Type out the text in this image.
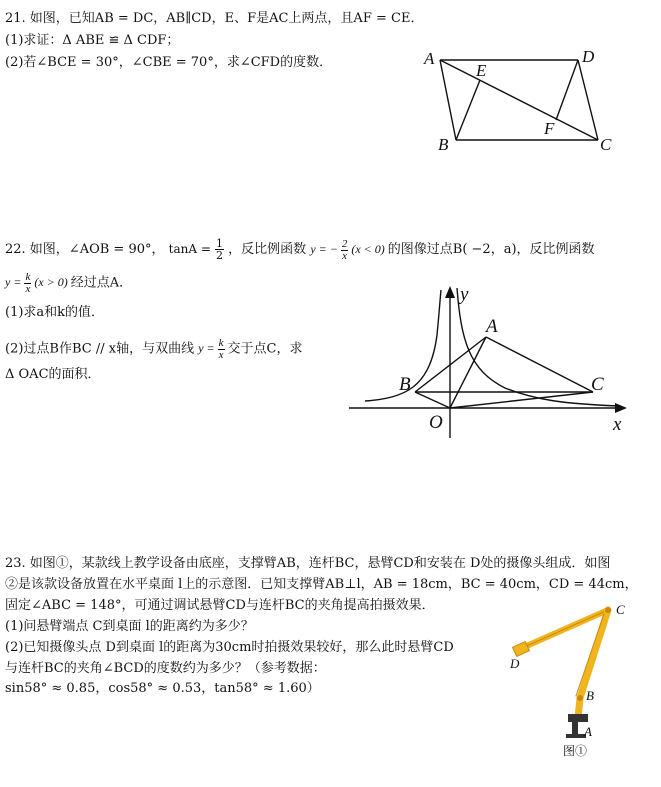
21. 如图，已知AB = DC，AB∥CD，E、F是AC上两点，且AF = CE．
(1)求证：Δ ABE ≌ Δ CDF；
(2)若∠BCE = 30°，∠CBE = 70°，求∠CFD的度数．	A
E
D
B
F
C
22. 如图，∠AOB = 90°， $\tan A = \frac{1}{2}$ ，反比例函数 y = − $\frac{2}{x} (x < 0)$ 的图像过点B( −2，a)，反比例函数
$y = \frac{k}{x} (x > 0)$ 经过点A．
(1)求a和k的值．
(2)过点B作BC // x轴，与双曲线 $y = \frac{k}{x}$ 交于点C，求
Δ OAC的面积．
y
A
B	C
O	x
23. 如图①，某款线上教学设备由底座，支撑臂AB，连杆BC，悬臂CD和安装在 D处的摄像头组成．如图
②是该款设备放置在水平桌面 l上的示意图．已知支撑臂AB⊥l，AB = 18cm，BC = 40cm，CD = 44cm，
固定∠ABC = 148°，可通过调试悬臂CD与连杆BC的夹角提高拍摄效果．
(1)问悬臂端点 C到桌面 l的距离约为多少？
(2)已知摄像头点 D到桌面 l的距离为30cm时拍摄效果较好，那么此时悬臂CD
与连杆BC的夹角∠BCD的度数约为多少？（参考数据：
sin58° ≈ 0.85，cos58° ≈ 0.53，tan58° ≈ 1.60）
C
D
B
A
图①
